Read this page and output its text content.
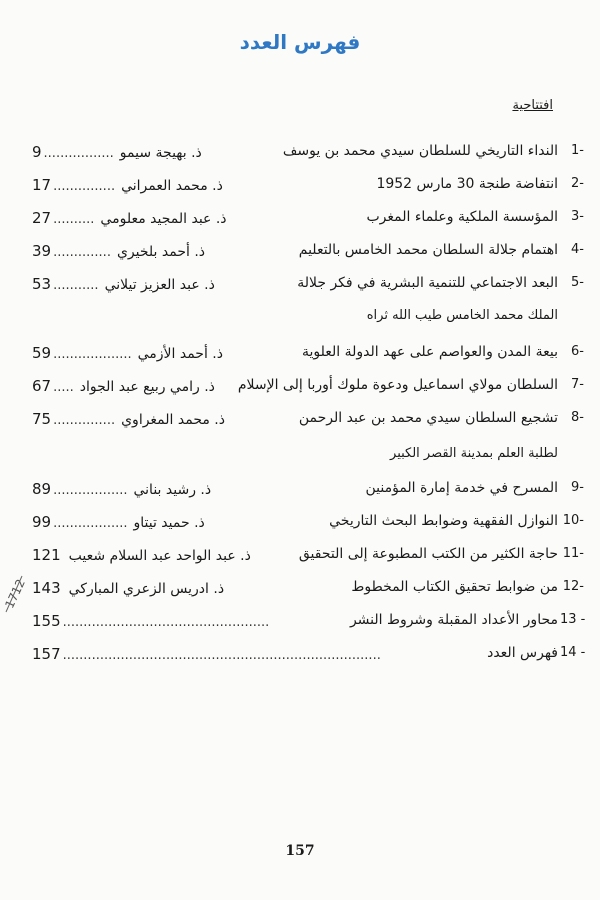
فهرس العدد
افتتاحية
1-
النداء التاريخي للسلطان سيدي محمد بن يوسف
9 ................. ذ. بهيجة سيمو
2-
انتفاضة طنجة 30 مارس 1952
17 ............... ذ. محمد العمراني
3-
المؤسسة الملكية وعلماء المغرب
27 .......... ذ. عبد المجيد معلومي
4-
اهتمام جلالة السلطان محمد الخامس بالتعليم
39 .............. ذ. أحمد بلخيري
5-
البعد الاجتماعي للتنمية البشرية في فكر جلالة
53 ........... ذ. عبد العزيز تيلاني
الملك محمد الخامس طيب الله ثراه
6-
بيعة المدن والعواصم على عهد الدولة العلوية
59 ................... ذ. أحمد الأزمي
7-
السلطان مولاي اسماعيل ودعوة ملوك أوربا إلى الإسلام
67 ..... ذ. رامي ربيع عبد الجواد
8-
تشجيع السلطان سيدي محمد بن عبد الرحمن
75 ............... ذ. محمد المغراوي
لطلبة العلم بمدينة القصر الكبير
9-
المسرح في خدمة إمارة المؤمنين
89 .................. ذ. رشيد بناني
10-
النوازل الفقهية وضوابط البحث التاريخي
99 .................. ذ. حميد تيتاو
11-
حاجة الكثير من الكتب المطبوعة إلى التحقيق
121 ذ. عبد الواحد عبد السلام شعيب
12-
من ضوابط تحقيق الكتاب المخطوط
143 ذ. ادريس الزعري المباركي
13 -
محاور الأعداد المقبلة وشروط النشر
155 ..................................................
14 -
فهرس العدد
157 .............................................................................
1712
157
